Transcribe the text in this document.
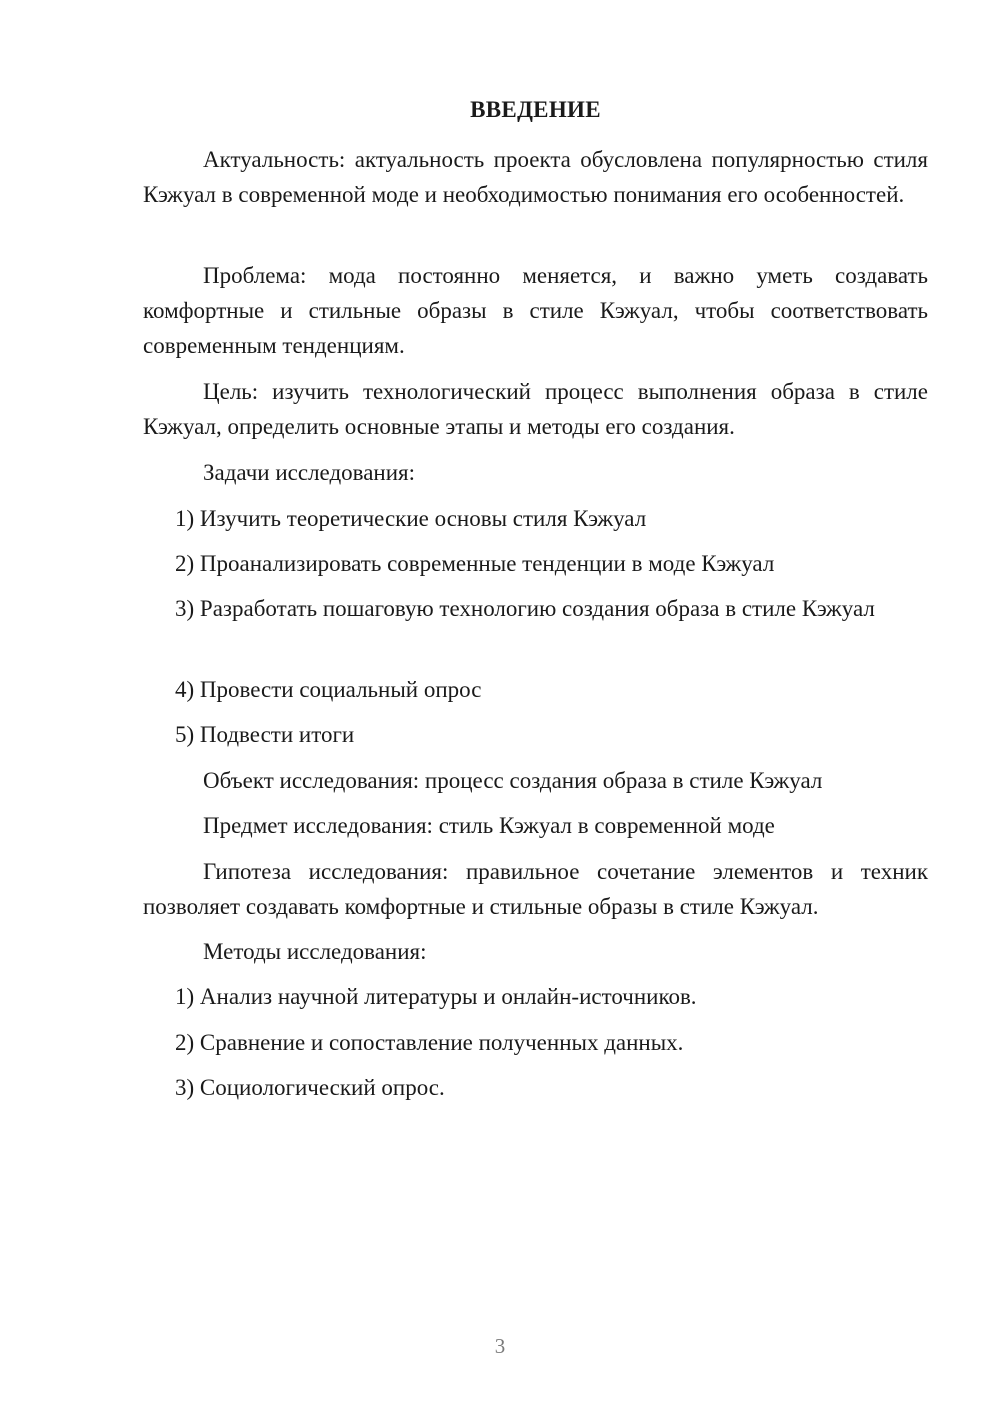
ВВЕДЕНИЕ
Актуальность: актуальность проекта обусловлена популярностью стиля Кэжуал в современной моде и необходимостью понимания его особенностей.
Проблема: мода постоянно меняется, и важно уметь создавать комфортные и стильные образы в стиле Кэжуал, чтобы соответствовать современным тенденциям.
Цель: изучить технологический процесс выполнения образа в стиле Кэжуал, определить основные этапы и методы его создания.
Задачи исследования:
1) Изучить теоретические основы стиля Кэжуал
2) Проанализировать современные тенденции в моде Кэжуал
3) Разработать пошаговую технологию создания образа в стиле Кэжуал
4) Провести социальный опрос
5) Подвести итоги
Объект исследования: процесс создания образа в стиле Кэжуал
Предмет исследования: стиль Кэжуал в современной моде
Гипотеза исследования: правильное сочетание элементов и техник позволяет создавать комфортные и стильные образы в стиле Кэжуал.
Методы исследования:
1) Анализ научной литературы и онлайн-источников.
2) Сравнение и сопоставление полученных данных.
3) Социологический опрос.
3
